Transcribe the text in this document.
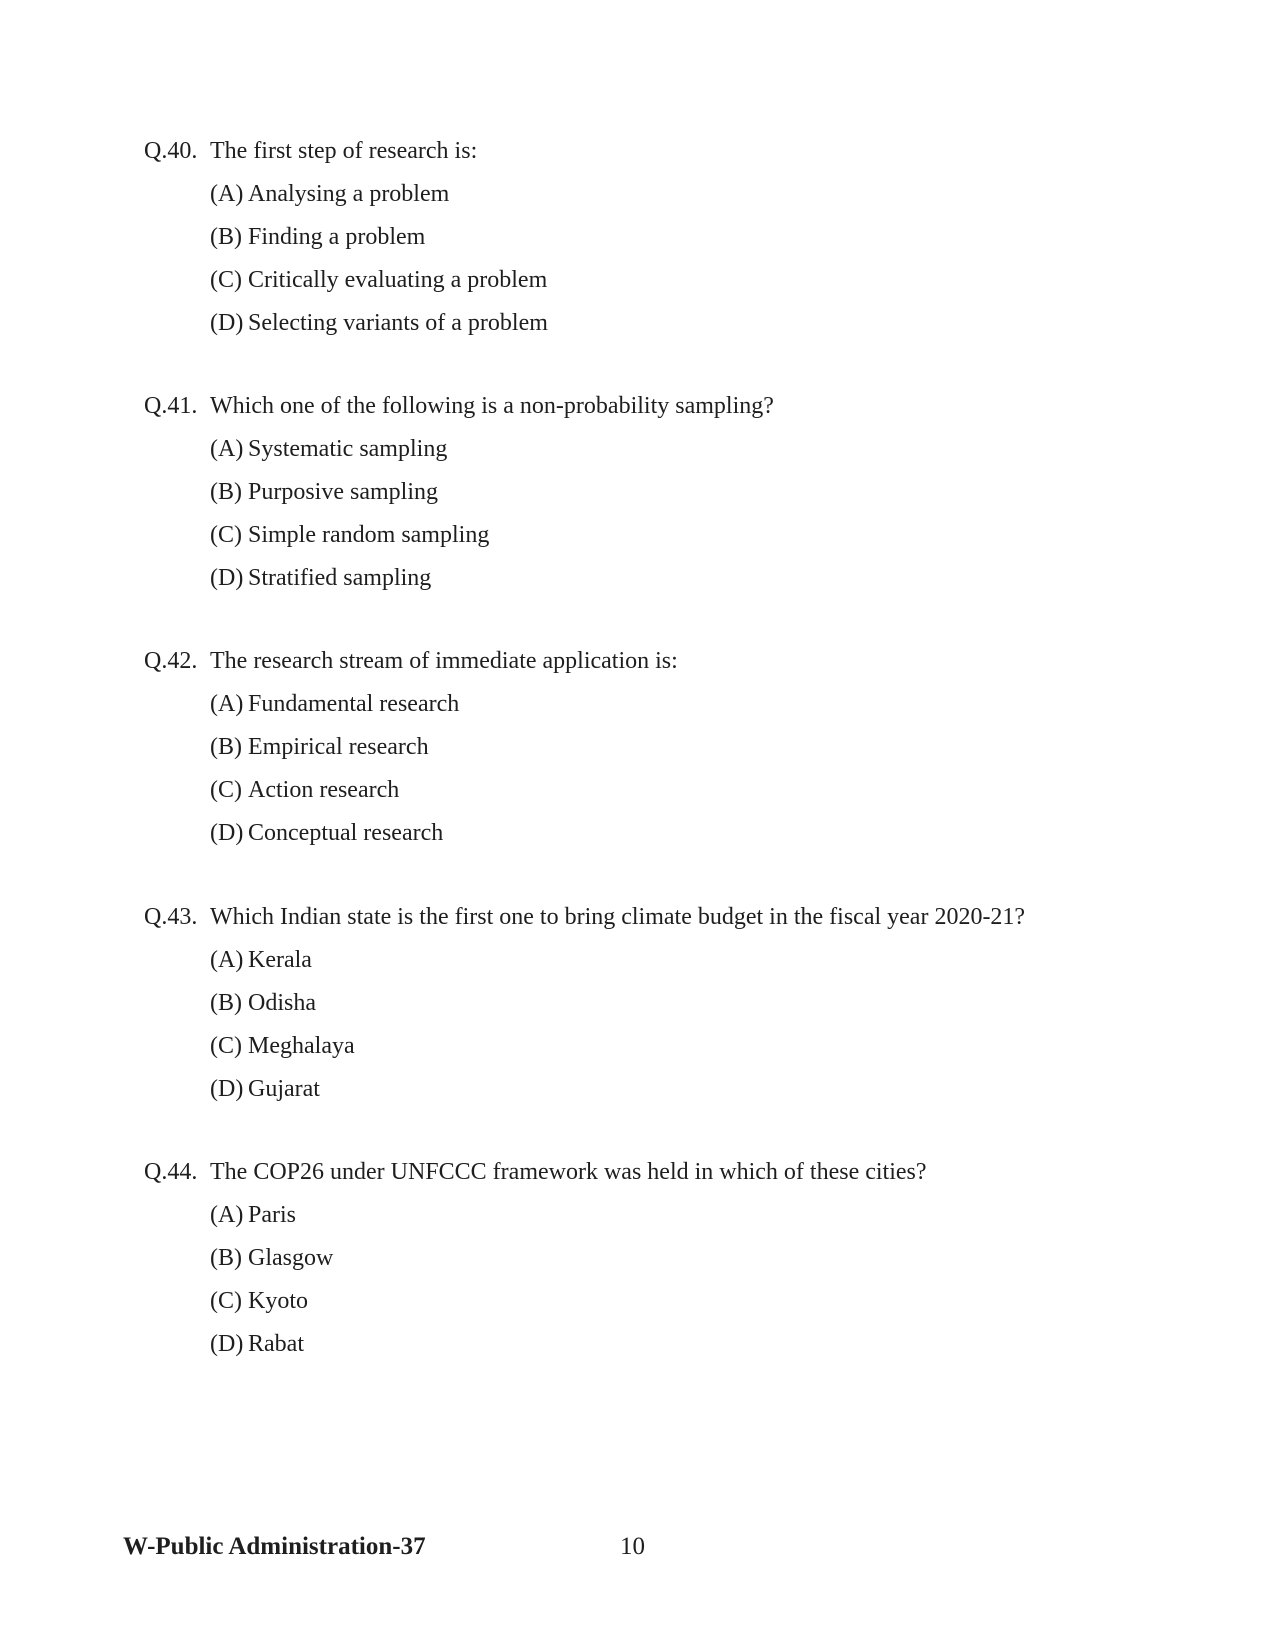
Q.40. The first step of research is:
(A) Analysing a problem
(B) Finding a problem
(C) Critically evaluating a problem
(D) Selecting variants of a problem
Q.41. Which one of the following is a non-probability sampling?
(A) Systematic sampling
(B) Purposive sampling
(C) Simple random sampling
(D) Stratified sampling
Q.42. The research stream of immediate application is:
(A) Fundamental research
(B) Empirical research
(C) Action research
(D) Conceptual research
Q.43. Which Indian state is the first one to bring climate budget in the fiscal year 2020-21?
(A) Kerala
(B) Odisha
(C) Meghalaya
(D) Gujarat
Q.44. The COP26 under UNFCCC framework was held in which of these cities?
(A) Paris
(B) Glasgow
(C) Kyoto
(D) Rabat
W-Public Administration-37	10
